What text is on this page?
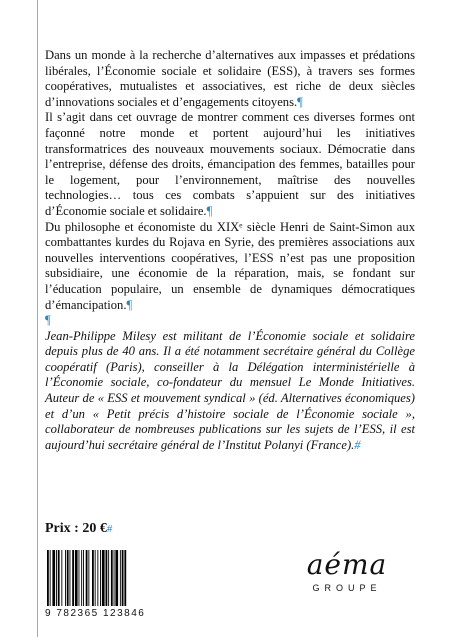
Dans un monde à la recherche d’alternatives aux impasses et prédations libérales, l’Économie sociale et solidaire (ESS), à travers ses formes coopératives, mutualistes et associatives, est riche de deux siècles d’innovations sociales et d’engagements citoyens.¶

Il s’agit dans cet ouvrage de montrer comment ces diverses formes ont façonné notre monde et portent aujourd’hui les initiatives transformatrices des nouveaux mouvements sociaux. Démocratie dans l’entreprise, défense des droits, émancipation des femmes, batailles pour le logement, pour l’environnement, maîtrise des nouvelles technologies… tous ces combats s’appuient sur des initiatives d’Économie sociale et solidaire.¶

Du philosophe et économiste du XIXᵉ siècle Henri de Saint-Simon aux combattantes kurdes du Rojava en Syrie, des premières associations aux nouvelles interventions coopératives, l’ESS n’est pas une proposition subsidiaire, une économie de la réparation, mais, se fondant sur l’éducation populaire, un ensemble de dynamiques démocratiques d’émancipation.¶

¶

Jean-Philippe Milesy est militant de l’Économie sociale et solidaire depuis plus de 40 ans. Il a été notamment secrétaire général du Collège coopératif (Paris), conseiller à la Délégation interministérielle à l’Économie sociale, co-fondateur du mensuel Le Monde Initiatives. Auteur de « ESS et mouvement syndical » (éd. Alternatives économiques) et d’un « Petit précis d’histoire sociale de l’Économie sociale », collaborateur de nombreuses publications sur les sujets de l’ESS, il est aujourd’hui secrétaire général de l’Institut Polanyi (France).#

Prix : 20 €#
9 782365 123846
aéma
GROUPE
